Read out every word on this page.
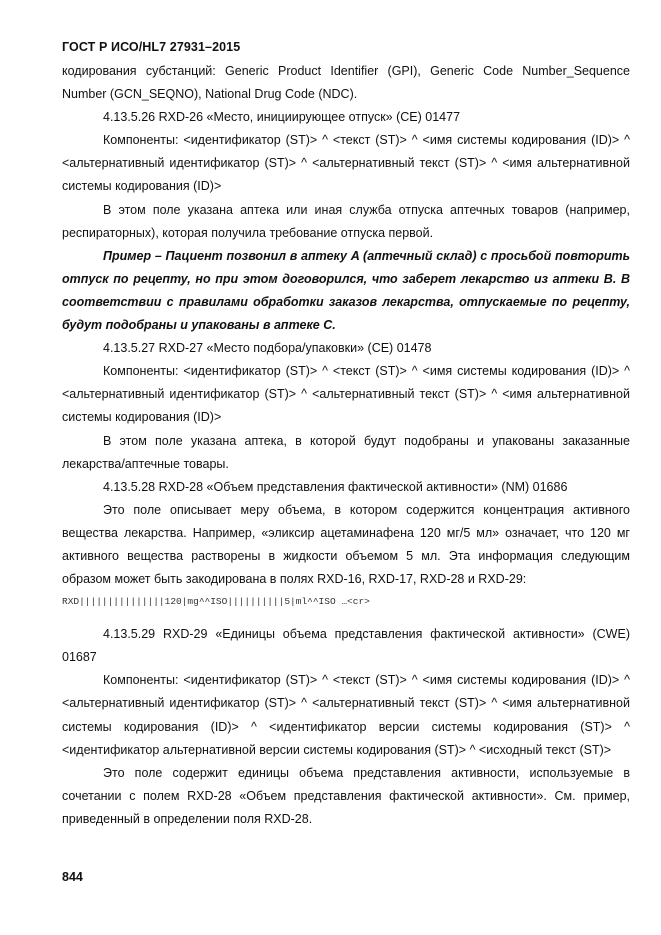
ГОСТ Р ИСО/HL7 27931–2015

кодирования субстанций: Generic Product Identifier (GPI), Generic Code Number_Sequence Number (GCN_SEQNO), National Drug Code (NDC).

4.13.5.26 RXD-26 «Место, инициирующее отпуск» (CE) 01477

Компоненты: <идентификатор (ST)> ^ <текст (ST)> ^ <имя системы кодирования (ID)> ^ <альтернативный идентификатор (ST)> ^ <альтернативный текст (ST)> ^ <имя альтернативной системы кодирования (ID)>

В этом поле указана аптека или иная служба отпуска аптечных товаров (например, респираторных), которая получила требование отпуска первой.

Пример – Пациент позвонил в аптеку A (аптечный склад) с просьбой повторить отпуск по рецепту, но при этом договорился, что заберет лекарство из аптеки B. В соответствии с правилами обработки заказов лекарства, отпускаемые по рецепту, будут подобраны и упакованы в аптеке C.

4.13.5.27 RXD-27 «Место подбора/упаковки» (CE) 01478

Компоненты: <идентификатор (ST)> ^ <текст (ST)> ^ <имя системы кодирования (ID)> ^ <альтернативный идентификатор (ST)> ^ <альтернативный текст (ST)> ^ <имя альтернативной системы кодирования (ID)>

В этом поле указана аптека, в которой будут подобраны и упакованы заказанные лекарства/аптечные товары.

4.13.5.28 RXD-28 «Объем представления фактической активности» (NM) 01686

Это поле описывает меру объема, в котором содержится концентрация активного вещества лекарства. Например, «эликсир ацетаминафена 120 мг/5 мл» означает, что 120 мг активного вещества растворены в жидкости объемом 5 мл. Эта информация следующим образом может быть закодирована в полях RXD-16, RXD-17, RXD-28 и RXD-29:

RXD|||||||||||||||120|mg^^ISO||||||||||5|ml^^ISO …<cr>

4.13.5.29 RXD-29 «Единицы объема представления фактической активности» (CWE) 01687

Компоненты: <идентификатор (ST)> ^ <текст (ST)> ^ <имя системы кодирования (ID)> ^ <альтернативный идентификатор (ST)> ^ <альтернативный текст (ST)> ^ <имя альтернативной системы кодирования (ID)> ^ <идентификатор версии системы кодирования (ST)> ^ <идентификатор альтернативной версии системы кодирования (ST)> ^ <исходный текст (ST)>

Это поле содержит единицы объема представления активности, используемые в сочетании с полем RXD-28 «Объем представления фактической активности». См. пример, приведенный в определении поля RXD-28.

844
